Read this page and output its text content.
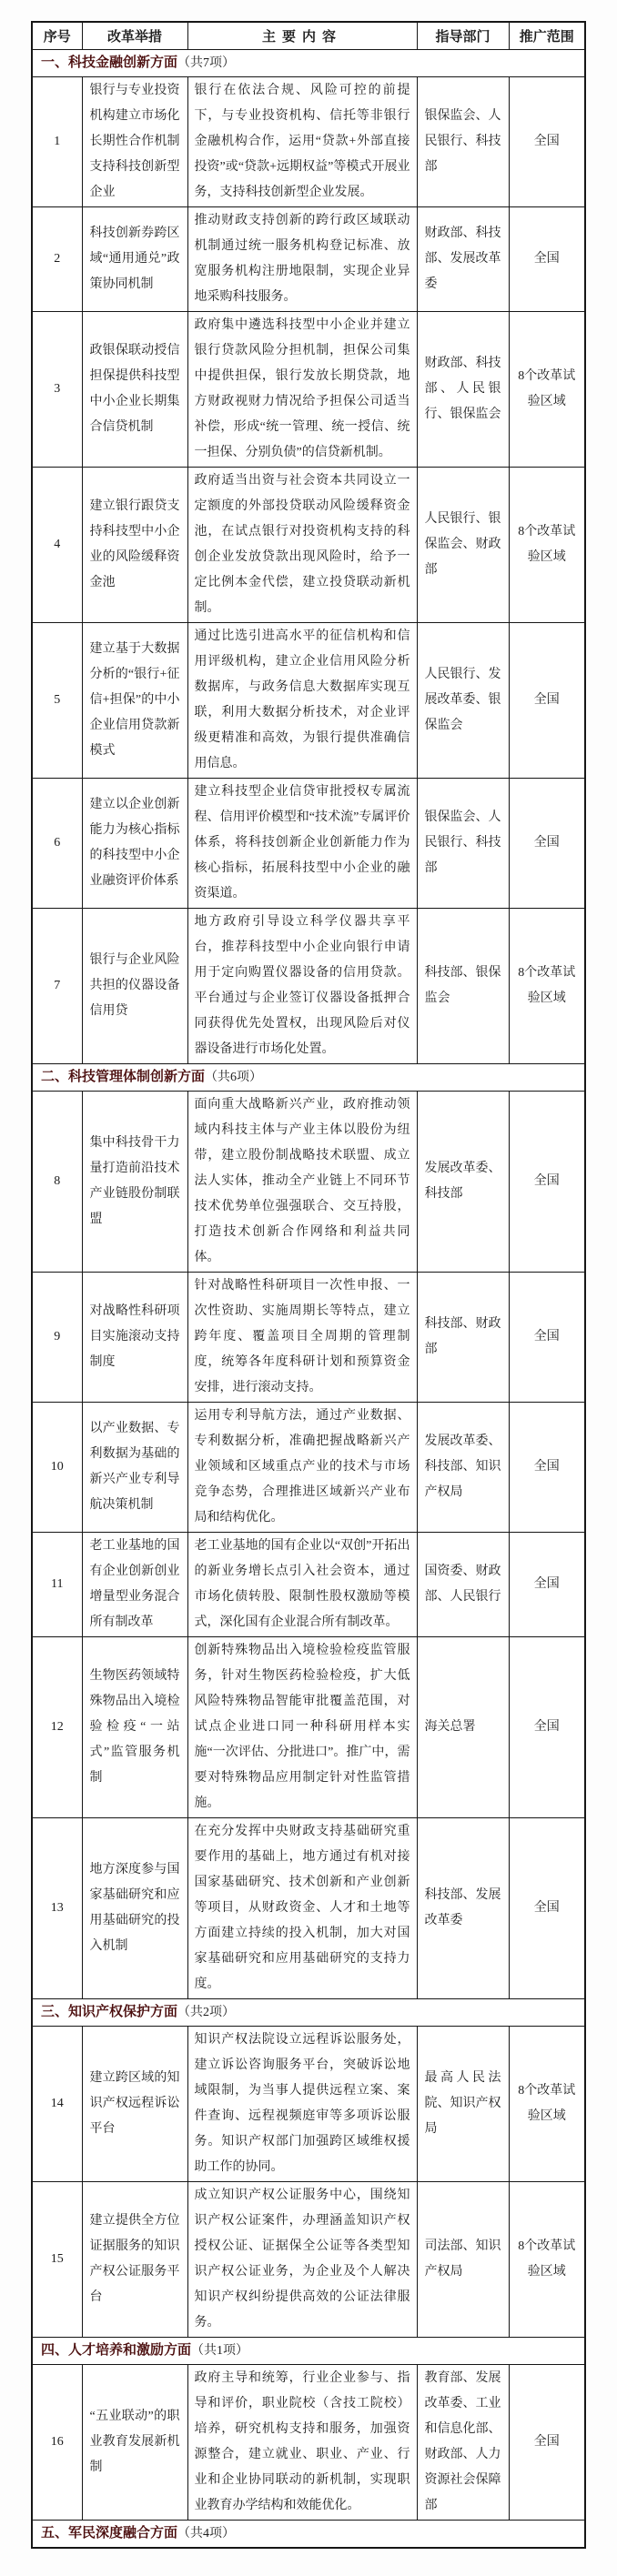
序号	改革举措	主要内容	指导部门	推广范围
一、科技金融创新方面（共7项）				
1	银行与专业投资机构建立市场化长期性合作机制支持科技创新型企业	银行在依法合规、风险可控的前提下，与专业投资机构、信托等非银行金融机构合作，运用“贷款+外部直接投资”或“贷款+远期权益”等模式开展业务，支持科技创新型企业发展。	银保监会、人民银行、科技部	全国
2	科技创新券跨区域“通用通兑”政策协同机制	推动财政支持创新的跨行政区域联动机制通过统一服务机构登记标准、放宽服务机构注册地限制，实现企业异地采购科技服务。	财政部、科技部、发展改革委	全国
3	政银保联动授信担保提供科技型中小企业长期集合信贷机制	政府集中遴选科技型中小企业并建立银行贷款风险分担机制，担保公司集中提供担保，银行发放长期贷款，地方财政视财力情况给予担保公司适当补偿，形成“统一管理、统一授信、统一担保、分别负债”的信贷新机制。	财政部、科技部、人民银行、银保监会	8个改革试验区域
4	建立银行跟贷支持科技型中小企业的风险缓释资金池	政府适当出资与社会资本共同设立一定额度的外部投贷联动风险缓释资金池，在试点银行对投资机构支持的科创企业发放贷款出现风险时，给予一定比例本金代偿，建立投贷联动新机制。	人民银行、银保监会、财政部	8个改革试验区域
5	建立基于大数据分析的“银行+征信+担保”的中小企业信用贷款新模式	通过比选引进高水平的征信机构和信用评级机构，建立企业信用风险分析数据库，与政务信息大数据库实现互联，利用大数据分析技术，对企业评级更精准和高效，为银行提供准确信用信息。	人民银行、发展改革委、银保监会	全国
6	建立以企业创新能力为核心指标的科技型中小企业融资评价体系	建立科技型企业信贷审批授权专属流程、信用评价模型和“技术流”专属评价体系，将科技创新企业创新能力作为核心指标，拓展科技型中小企业的融资渠道。	银保监会、人民银行、科技部	全国
7	银行与企业风险共担的仪器设备信用贷	地方政府引导设立科学仪器共享平台，推荐科技型中小企业向银行申请用于定向购置仪器设备的信用贷款。平台通过与企业签订仪器设备抵押合同获得优先处置权，出现风险后对仪器设备进行市场化处置。	科技部、银保监会	8个改革试验区域
二、科技管理体制创新方面（共6项）				
8	集中科技骨干力量打造前沿技术产业链股份制联盟	面向重大战略新兴产业，政府推动领域内科技主体与产业主体以股份为纽带，建立股份制战略技术联盟、成立法人实体，推动全产业链上不同环节技术优势单位强强联合、交互持股，打造技术创新合作网络和利益共同体。	发展改革委、科技部	全国
9	对战略性科研项目实施滚动支持制度	针对战略性科研项目一次性申报、一次性资助、实施周期长等特点，建立跨年度、覆盖项目全周期的管理制度，统筹各年度科研计划和预算资金安排，进行滚动支持。	科技部、财政部	全国
10	以产业数据、专利数据为基础的新兴产业专利导航决策机制	运用专利导航方法，通过产业数据、专利数据分析，准确把握战略新兴产业领域和区域重点产业的技术与市场竞争态势，合理推进区域新兴产业布局和结构优化。	发展改革委、科技部、知识产权局	全国
11	老工业基地的国有企业创新创业增量型业务混合所有制改革	老工业基地的国有企业以“双创”开拓出的新业务增长点引入社会资本，通过市场化债转股、限制性股权激励等模式，深化国有企业混合所有制改革。	国资委、财政部、人民银行	全国
12	生物医药领域特殊物品出入境检验检疫“一站式”监管服务机制	创新特殊物品出入境检验检疫监管服务，针对生物医药检验检疫，扩大低风险特殊物品智能审批覆盖范围，对试点企业进口同一种科研用样本实施“一次评估、分批进口”。推广中，需要对特殊物品应用制定针对性监管措施。	海关总署	全国
13	地方深度参与国家基础研究和应用基础研究的投入机制	在充分发挥中央财政支持基础研究重要作用的基础上，地方通过有机对接国家基础研究、技术创新和产业创新等项目，从财政资金、人才和土地等方面建立持续的投入机制，加大对国家基础研究和应用基础研究的支持力度。	科技部、发展改革委	全国
三、知识产权保护方面（共2项）				
14	建立跨区域的知识产权远程诉讼平台	知识产权法院设立远程诉讼服务处，建立诉讼咨询服务平台，突破诉讼地域限制，为当事人提供远程立案、案件查询、远程视频庭审等多项诉讼服务。知识产权部门加强跨区域维权援助工作的协同。	最高人民法院、知识产权局	8个改革试验区域
15	建立提供全方位证据服务的知识产权公证服务平台	成立知识产权公证服务中心，围绕知识产权公证案件，办理涵盖知识产权授权公证、证据保全公证等各类型知识产权公证业务，为企业及个人解决知识产权纠纷提供高效的公证法律服务。	司法部、知识产权局	8个改革试验区域
四、人才培养和激励方面（共1项）				
16	“五业联动”的职业教育发展新机制	政府主导和统筹，行业企业参与、指导和评价，职业院校（含技工院校）培养，研究机构支持和服务，加强资源整合，建立就业、职业、产业、行业和企业协同联动的新机制，实现职业教育办学结构和效能优化。	教育部、发展改革委、工业和信息化部、财政部、人力资源社会保障部	全国
五、军民深度融合方面（共4项）				
